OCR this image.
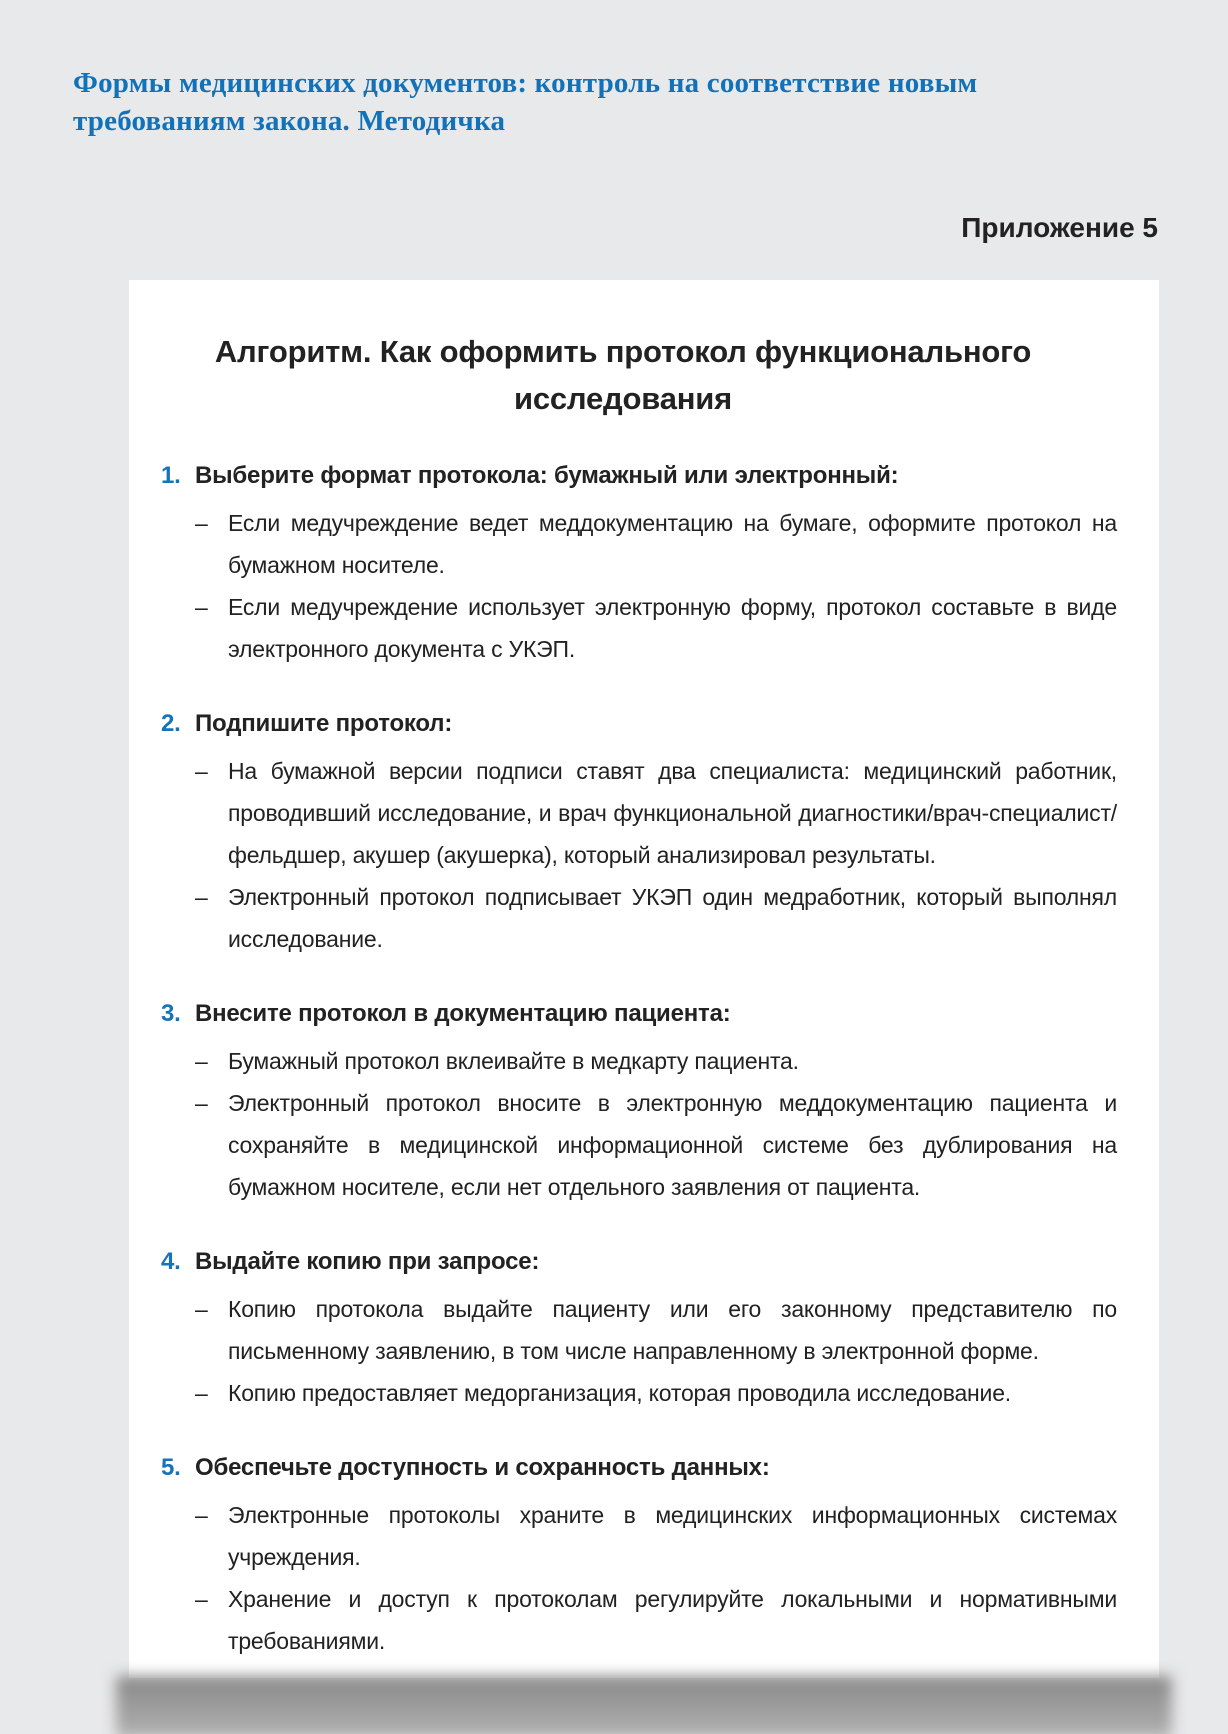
Формы медицинских документов: контроль на соответствие новым требованиям закона. Методичка
Приложение 5
Алгоритм. Как оформить протокол функционального исследования
1. Выберите формат протокола: бумажный или электронный:
– Если медучреждение ведет меддокументацию на бумаге, оформите протокол на бумажном носителе.
– Если медучреждение использует электронную форму, протокол составьте в виде электронного документа с УКЭП.
2. Подпишите протокол:
– На бумажной версии подписи ставят два специалиста: медицинский работник, проводивший исследование, и врач функциональной диагностики/врач-специалист/фельдшер, акушер (акушерка), который анализировал результаты.
– Электронный протокол подписывает УКЭП один медработник, который выполнял исследование.
3. Внесите протокол в документацию пациента:
– Бумажный протокол вклеивайте в медкарту пациента.
– Электронный протокол вносите в электронную меддокументацию пациента и сохраняйте в медицинской информационной системе без дублирования на бумажном носителе, если нет отдельного заявления от пациента.
4. Выдайте копию при запросе:
– Копию протокола выдайте пациенту или его законному представителю по письменному заявлению, в том числе направленному в электронной форме.
– Копию предоставляет медорганизация, которая проводила исследование.
5. Обеспечьте доступность и сохранность данных:
– Электронные протоколы храните в медицинских информационных системах учреждения.
– Хранение и доступ к протоколам регулируйте локальными и нормативными требованиями.
